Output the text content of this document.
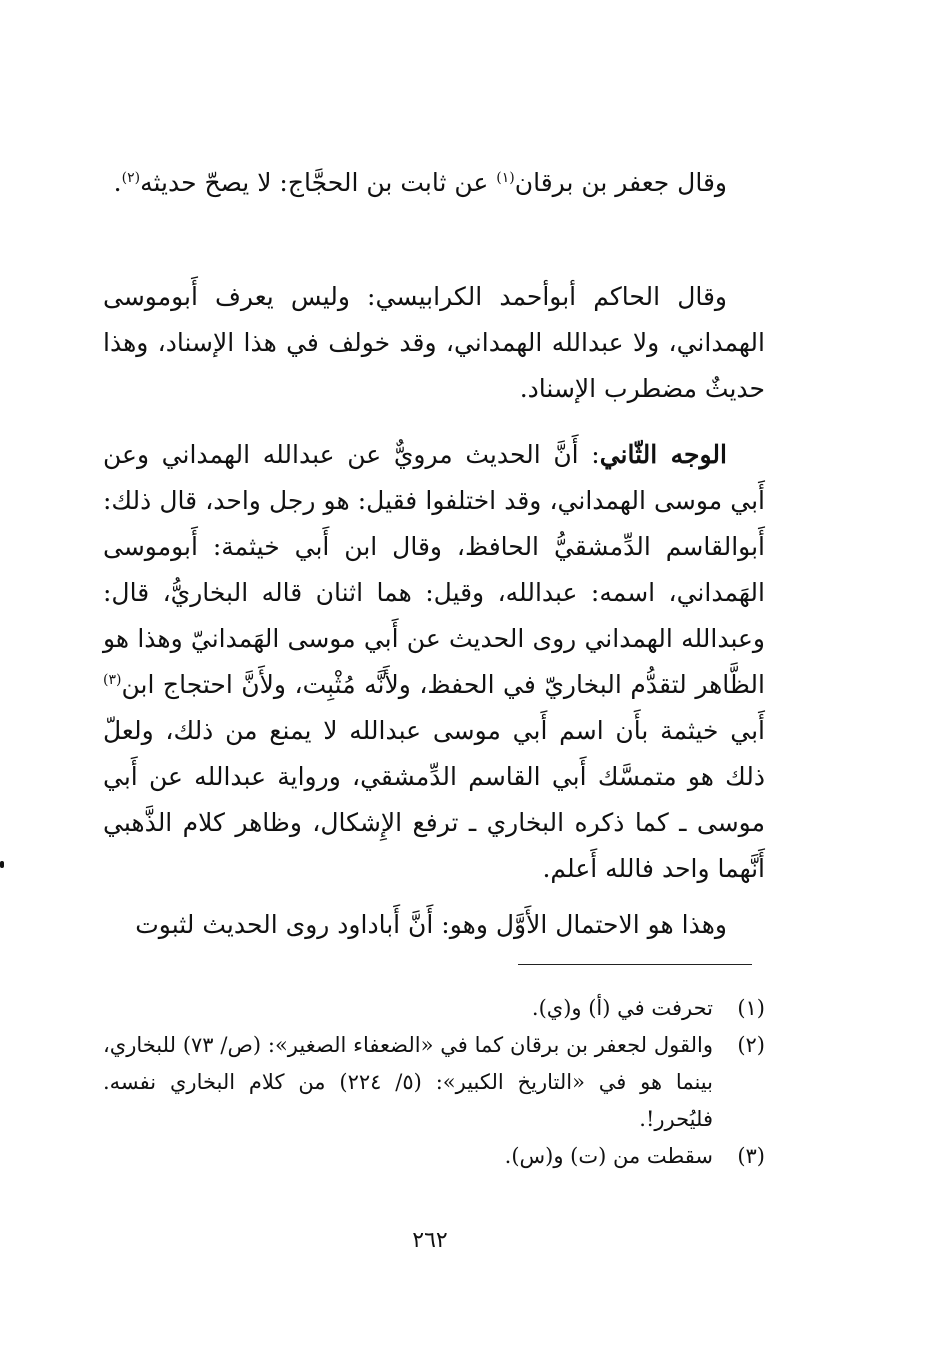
وقال جعفر بن برقان$^{(١)}$ عن ثابت بن الحجَّاج: لا يصحّ حديثه$^{(٢)}$.

وقال الحاكم أبوأحمد الكرابيسي: وليس يعرف أَبوموسى الهمداني، ولا عبدالله الهمداني، وقد خولف في هذا الإسناد، وهذا حديثٌ مضطرب الإسناد.

الوجه الثّاني: أَنَّ الحديث مرويٌّ عن عبدالله الهمداني وعن أَبي موسى الهمداني، وقد اختلفوا فقيل: هو رجل واحد، قال ذلك: أَبوالقاسم الدِّمشقيُّ الحافظ، وقال ابن أَبي خيثمة: أَبوموسى الهَمداني، اسمه: عبدالله، وقيل: هما اثنان قاله البخاريُّ، قال: وعبدالله الهمداني روى الحديث عن أَبي موسى الهَمدانيّ وهذا هو الظَّاهر لتقدُّم البخاريّ في الحفظ، ولأَنَّه مُثْبِت، ولأَنَّ احتجاج ابن$^{(٣)}$ أَبي خيثمة بأَن اسم أَبي موسى عبدالله لا يمنع من ذلك، ولعلّ ذلك هو متمسَّك أَبي القاسم الدِّمشقي، ورواية عبدالله عن أَبي موسى ـ كما ذكره البخاري ـ ترفع الإِشكال، وظاهر كلام الذَّهبي أَنَّهما واحد فالله أَعلم.

وهذا هو الاحتمال الأَوَّل وهو: أَنَّ أَباداود روى الحديث لثبوت

(١)
تحرفت في (أ) و(ي).
(٢)
والقول لجعفر بن برقان كما في «الضعفاء الصغير»: (ص/ ٧٣) للبخاري، بينما هو في «التاريخ الكبير»: (٥/ ٢٢٤) من كلام البخاري نفسه. فليُحرر!.
(٣)
سقطت من (ت) و(س).
٢٦٢
